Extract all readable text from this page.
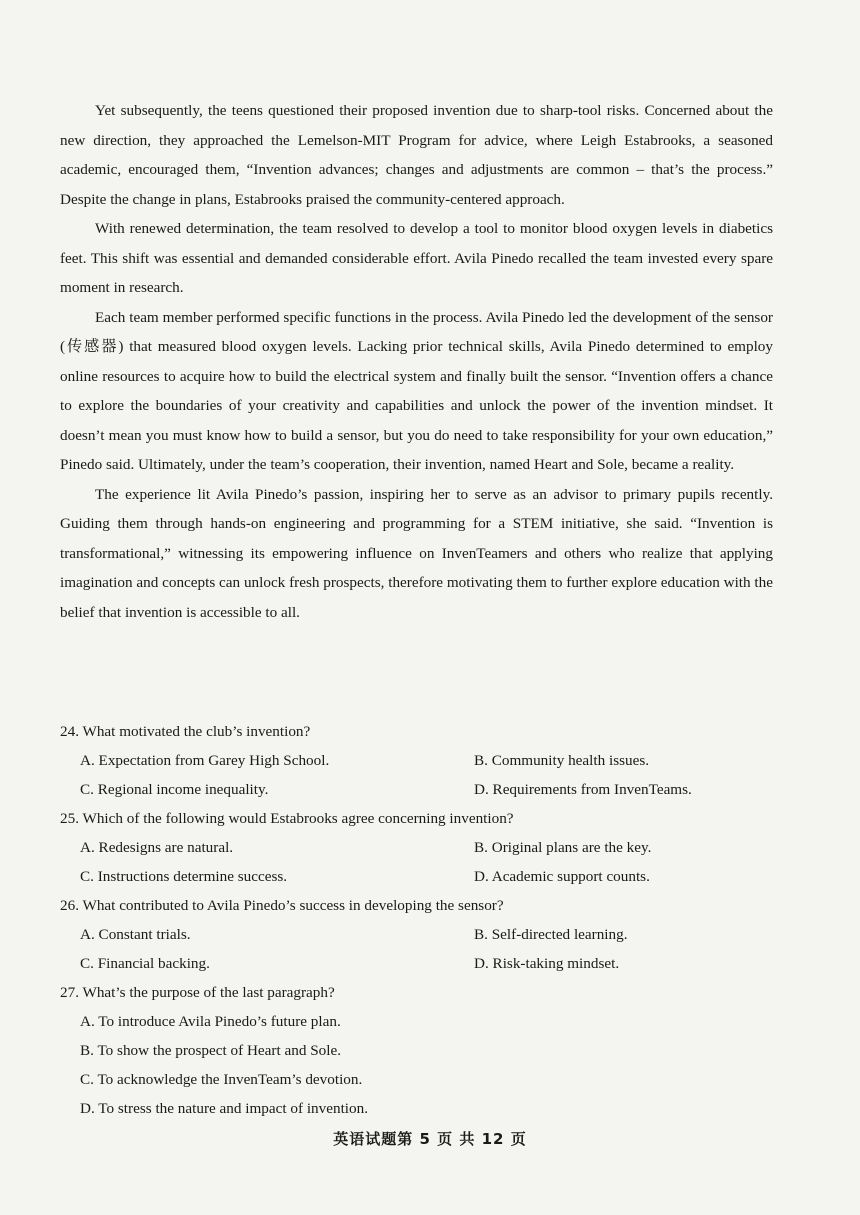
Yet subsequently, the teens questioned their proposed invention due to sharp-tool risks. Concerned about the new direction, they approached the Lemelson-MIT Program for advice, where Leigh Estabrooks, a seasoned academic, encouraged them, “Invention advances; changes and adjustments are common – that’s the process.” Despite the change in plans, Estabrooks praised the community-centered approach.

With renewed determination, the team resolved to develop a tool to monitor blood oxygen levels in diabetics feet. This shift was essential and demanded considerable effort. Avila Pinedo recalled the team invested every spare moment in research.

Each team member performed specific functions in the process. Avila Pinedo led the development of the sensor (传感器) that measured blood oxygen levels. Lacking prior technical skills, Avila Pinedo determined to employ online resources to acquire how to build the electrical system and finally built the sensor. “Invention offers a chance to explore the boundaries of your creativity and capabilities and unlock the power of the invention mindset. It doesn’t mean you must know how to build a sensor, but you do need to take responsibility for your own education,” Pinedo said. Ultimately, under the team’s cooperation, their invention, named Heart and Sole, became a reality.

The experience lit Avila Pinedo’s passion, inspiring her to serve as an advisor to primary pupils recently. Guiding them through hands-on engineering and programming for a STEM initiative, she said. “Invention is transformational,” witnessing its empowering influence on InvenTeamers and others who realize that applying imagination and concepts can unlock fresh prospects, therefore motivating them to further explore education with the belief that invention is accessible to all.

24. What motivated the club’s invention?
A. Expectation from Garey High School.	B. Community health issues.
C. Regional income inequality.	D. Requirements from InvenTeams.
25. Which of the following would Estabrooks agree concerning invention?
A. Redesigns are natural.	B. Original plans are the key.
C. Instructions determine success.	D. Academic support counts.
26. What contributed to Avila Pinedo’s success in developing the sensor?
A. Constant trials.	B. Self-directed learning.
C. Financial backing.	D. Risk-taking mindset.
27. What’s the purpose of the last paragraph?
A. To introduce Avila Pinedo’s future plan.
B. To show the prospect of Heart and Sole.
C. To acknowledge the InvenTeam’s devotion.
D. To stress the nature and impact of invention.
英语试题第 5 页 共 12 页
